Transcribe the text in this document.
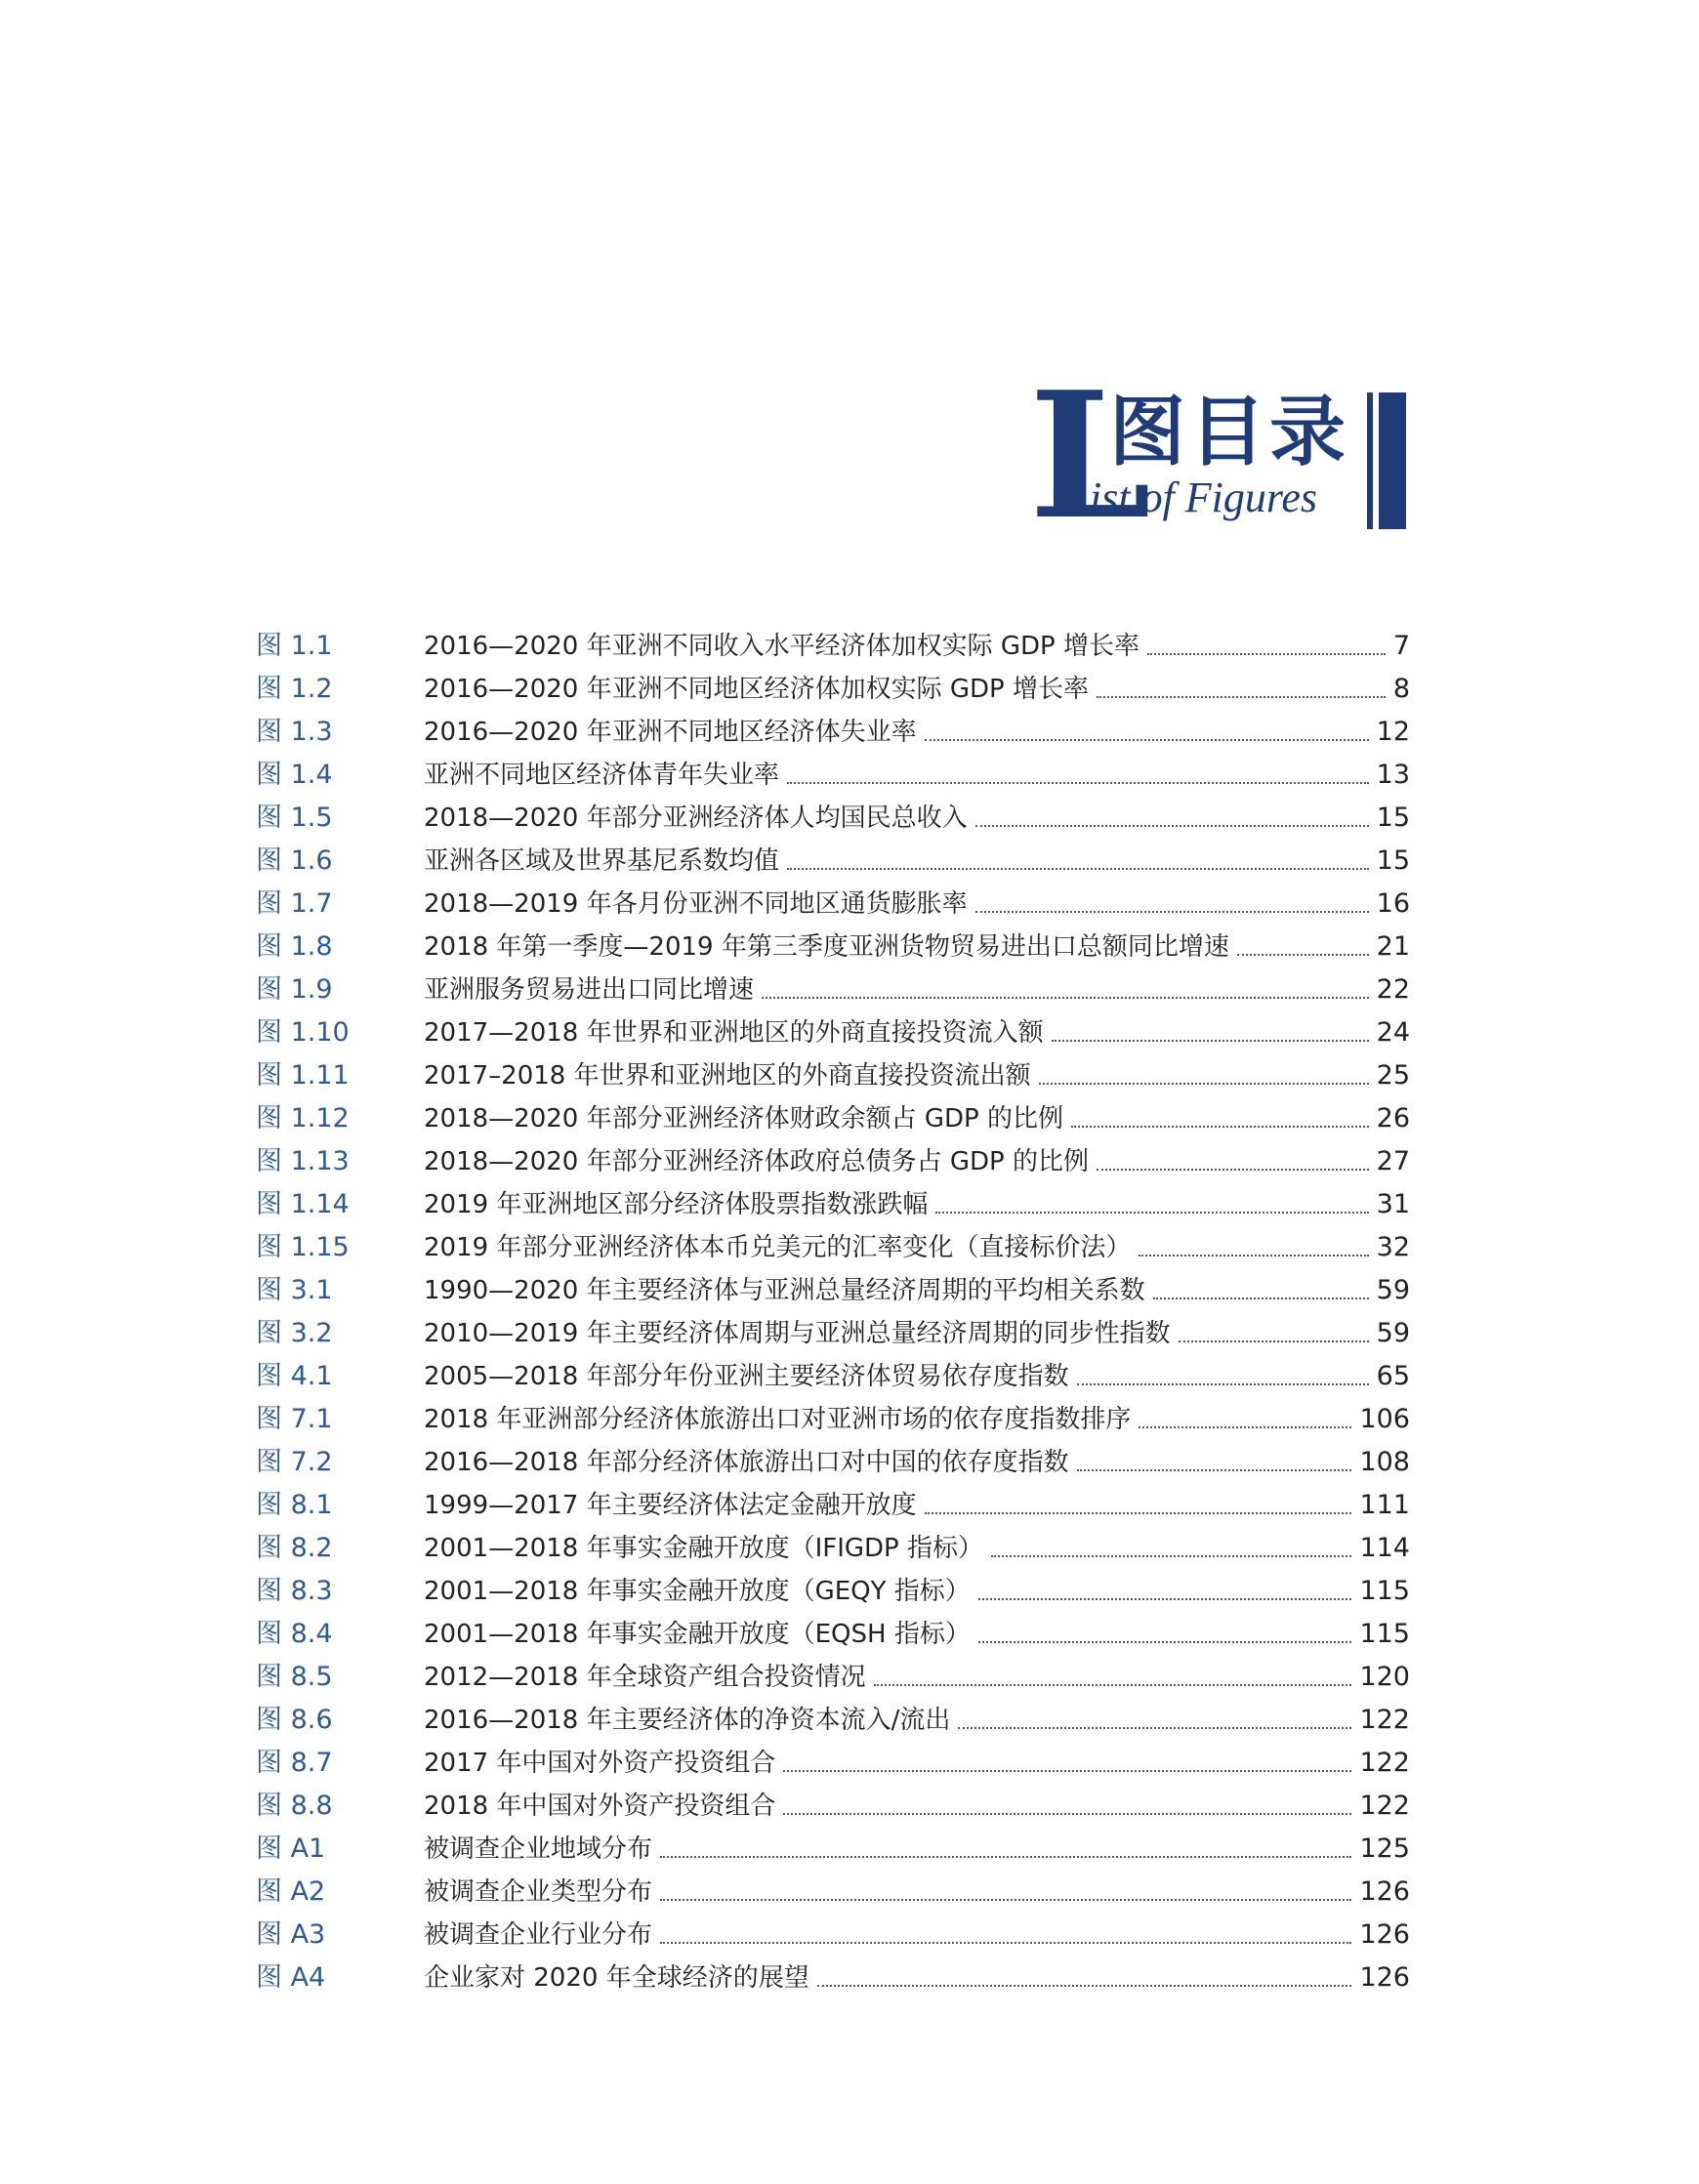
L
图目录
ist of Figures
图 1.1	2016—2020 年亚洲不同收入水平经济体加权实际 GDP 增长率	7
图 1.2	2016—2020 年亚洲不同地区经济体加权实际 GDP 增长率	8
图 1.3	2016—2020 年亚洲不同地区经济体失业率	12
图 1.4	亚洲不同地区经济体青年失业率	13
图 1.5	2018—2020 年部分亚洲经济体人均国民总收入	15
图 1.6	亚洲各区域及世界基尼系数均值	15
图 1.7	2018—2019 年各月份亚洲不同地区通货膨胀率	16
图 1.8	2018 年第一季度—2019 年第三季度亚洲货物贸易进出口总额同比增速	21
图 1.9	亚洲服务贸易进出口同比增速	22
图 1.10	2017—2018 年世界和亚洲地区的外商直接投资流入额	24
图 1.11	2017–2018 年世界和亚洲地区的外商直接投资流出额	25
图 1.12	2018—2020 年部分亚洲经济体财政余额占 GDP 的比例	26
图 1.13	2018—2020 年部分亚洲经济体政府总债务占 GDP 的比例	27
图 1.14	2019 年亚洲地区部分经济体股票指数涨跌幅	31
图 1.15	2019 年部分亚洲经济体本币兑美元的汇率变化（直接标价法）	32
图 3.1	1990—2020 年主要经济体与亚洲总量经济周期的平均相关系数	59
图 3.2	2010—2019 年主要经济体周期与亚洲总量经济周期的同步性指数	59
图 4.1	2005—2018 年部分年份亚洲主要经济体贸易依存度指数	65
图 7.1	2018 年亚洲部分经济体旅游出口对亚洲市场的依存度指数排序	106
图 7.2	2016—2018 年部分经济体旅游出口对中国的依存度指数	108
图 8.1	1999—2017 年主要经济体法定金融开放度	111
图 8.2	2001—2018 年事实金融开放度（IFIGDP 指标）	114
图 8.3	2001—2018 年事实金融开放度（GEQY 指标）	115
图 8.4	2001—2018 年事实金融开放度（EQSH 指标）	115
图 8.5	2012—2018 年全球资产组合投资情况	120
图 8.6	2016—2018 年主要经济体的净资本流入/流出	122
图 8.7	2017 年中国对外资产投资组合	122
图 8.8	2018 年中国对外资产投资组合	122
图 A1	被调查企业地域分布	125
图 A2	被调查企业类型分布	126
图 A3	被调查企业行业分布	126
图 A4	企业家对 2020 年全球经济的展望	126
